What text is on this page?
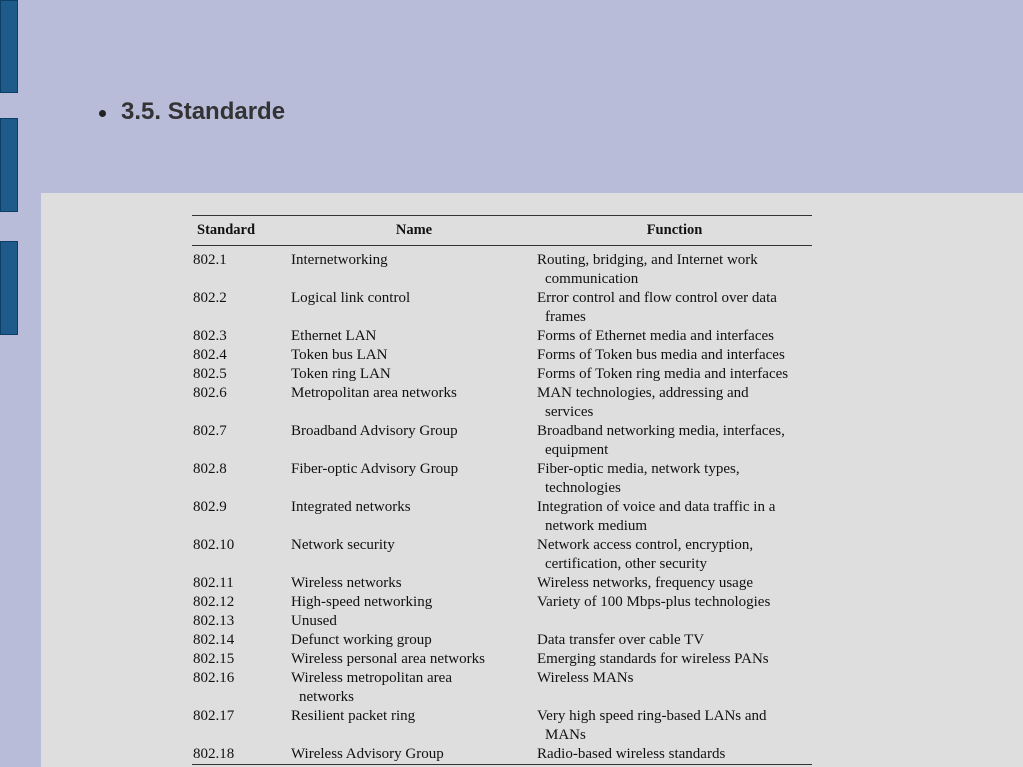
3.5. Standarde
Standard	Name	Function
802.1	Internetworking	Routing, bridging, and Internet work
communication

802.2	Logical link control	Error control and flow control over data
frames

802.3	Ethernet LAN	Forms of Ethernet media and interfaces

802.4	Token bus LAN	Forms of Token bus media and interfaces

802.5	Token ring LAN	Forms of Token ring media and interfaces

802.6	Metropolitan area networks	MAN technologies, addressing and
services

802.7	Broadband Advisory Group	Broadband networking media, interfaces,
equipment

802.8	Fiber-optic Advisory Group	Fiber-optic media, network types,
technologies

802.9	Integrated networks	Integration of voice and data traffic in a
network medium

802.10	Network security	Network access control, encryption,
certification, other security

802.11	Wireless networks	Wireless networks, frequency usage

802.12	High-speed networking	Variety of 100 Mbps-plus technologies

802.13	Unused	

802.14	Defunct working group	Data transfer over cable TV

802.15	Wireless personal area networks	Emerging standards for wireless PANs

802.16	Wireless metropolitan area
networks	Wireless MANs

802.17	Resilient packet ring	Very high speed ring-based LANs and
MANs

802.18	Wireless Advisory Group	Radio-based wireless standards
